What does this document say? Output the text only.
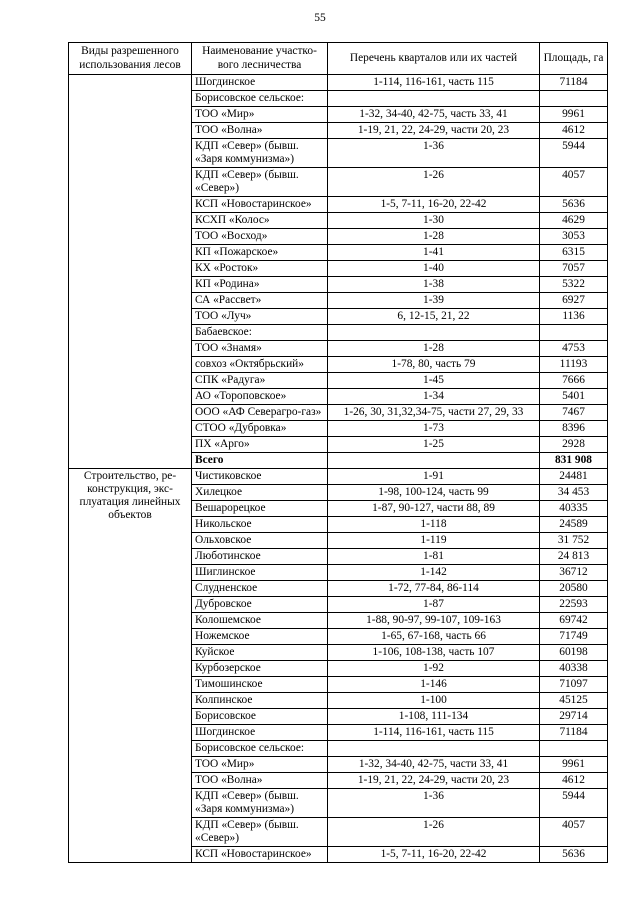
55
Виды разрешенного использования лесов	Наименование участко-вого лесничества	Перечень кварталов или их частей	Площадь, га
	Шогдинское	1-114, 116-161, часть 115	71184
	Борисовское сельское:		
	ТОО «Мир»	1-32, 34-40, 42-75, часть 33, 41	9961
	ТОО «Волна»	1-19, 21, 22, 24-29, части 20, 23	4612
	КДП «Север» (бывш. «Заря коммунизма»)	1-36	5944
	КДП «Север» (бывш. «Север»)	1-26	4057
	КСП «Новостаринское»	1-5, 7-11, 16-20, 22-42	5636
	КСХП «Колос»	1-30	4629
	ТОО «Восход»	1-28	3053
	КП «Пожарское»	1-41	6315
	КХ «Росток»	1-40	7057
	КП «Родина»	1-38	5322
	СА «Рассвет»	1-39	6927
	ТОО «Луч»	6, 12-15, 21, 22	1136
	Бабаевское:		
	ТОО «Знамя»	1-28	4753
	совхоз «Октябрьский»	1-78, 80, часть 79	11193
	СПК «Радуга»	1-45	7666
	АО «Тороповское»	1-34	5401
	ООО «АФ Северагро-газ»	1-26, 30, 31,32,34-75, части 27, 29, 33	7467
	СТОО «Дубровка»	1-73	8396
	ПХ «Арго»	1-25	2928
	Всего		831 908
Строительство, ре-конструкция, экс-плуатация линейных объектов	Чистиковское	1-91	24481
	Хилецкое	1-98, 100-124, часть 99	34 453
	Вешарорецкое	1-87, 90-127, части 88, 89	40335
	Никольское	1-118	24589
	Ольховское	1-119	31 752
	Люботинское	1-81	24 813
	Шиглинское	1-142	36712
	Слудненское	1-72, 77-84, 86-114	20580
	Дубровское	1-87	22593
	Колошемское	1-88, 90-97, 99-107, 109-163	69742
	Ножемское	1-65, 67-168, часть 66	71749
	Куйское	1-106, 108-138, часть 107	60198
	Курбозерское	1-92	40338
	Тимошинское	1-146	71097
	Колпинское	1-100	45125
	Борисовское	1-108, 111-134	29714
	Шогдинское	1-114, 116-161, часть 115	71184
	Борисовское сельское:		
	ТОО «Мир»	1-32, 34-40, 42-75, части 33, 41	9961
	ТОО «Волна»	1-19, 21, 22, 24-29, части 20, 23	4612
	КДП «Север» (бывш. «Заря коммунизма»)	1-36	5944
	КДП «Север» (бывш. «Север»)	1-26	4057
	КСП «Новостаринское»	1-5, 7-11, 16-20, 22-42	5636
